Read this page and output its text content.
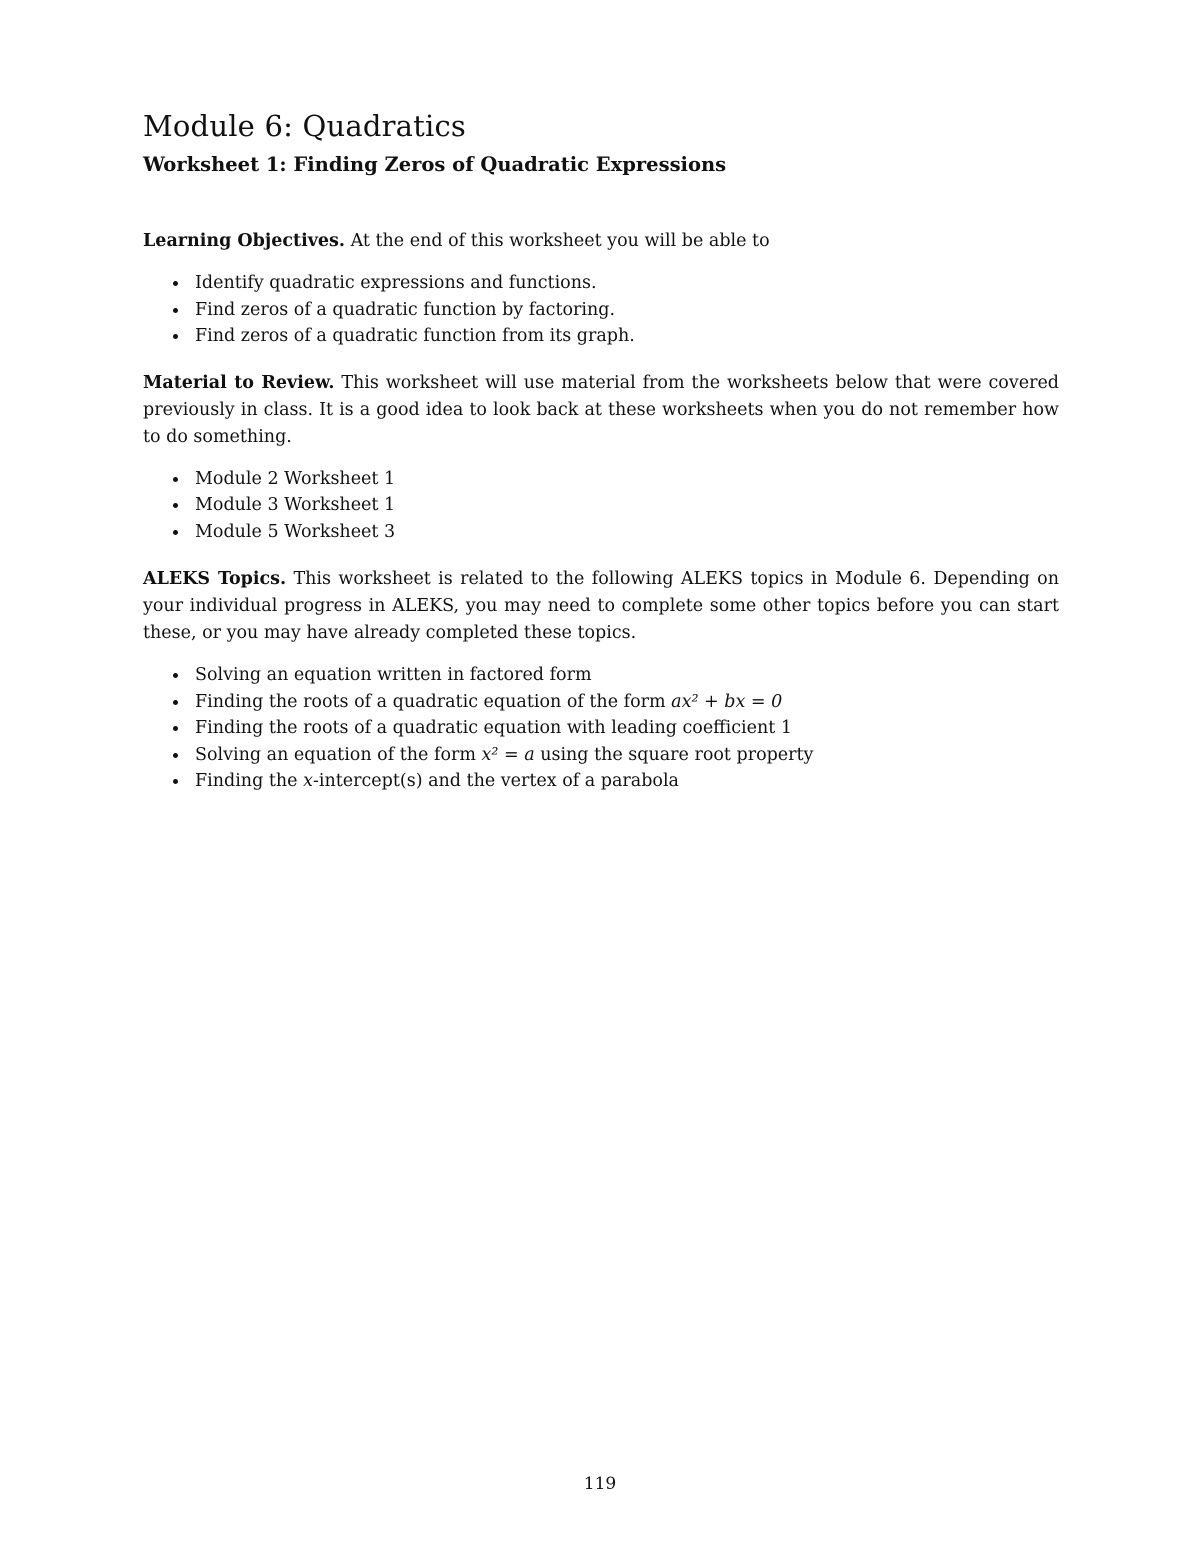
Module 6: Quadratics
Worksheet 1: Finding Zeros of Quadratic Expressions

Learning Objectives. At the end of this worksheet you will be able to

Identify quadratic expressions and functions.
Find zeros of a quadratic function by factoring.
Find zeros of a quadratic function from its graph.

Material to Review. This worksheet will use material from the worksheets below that were covered previously in class. It is a good idea to look back at these worksheets when you do not remember how to do something.

Module 2 Worksheet 1
Module 3 Worksheet 1
Module 5 Worksheet 3

ALEKS Topics. This worksheet is related to the following ALEKS topics in Module 6. Depending on your individual progress in ALEKS, you may need to complete some other topics before you can start these, or you may have already completed these topics.

Solving an equation written in factored form
Finding the roots of a quadratic equation of the form ax² + bx = 0
Finding the roots of a quadratic equation with leading coefficient 1
Solving an equation of the form x² = a using the square root property
Finding the x-intercept(s) and the vertex of a parabola
119
